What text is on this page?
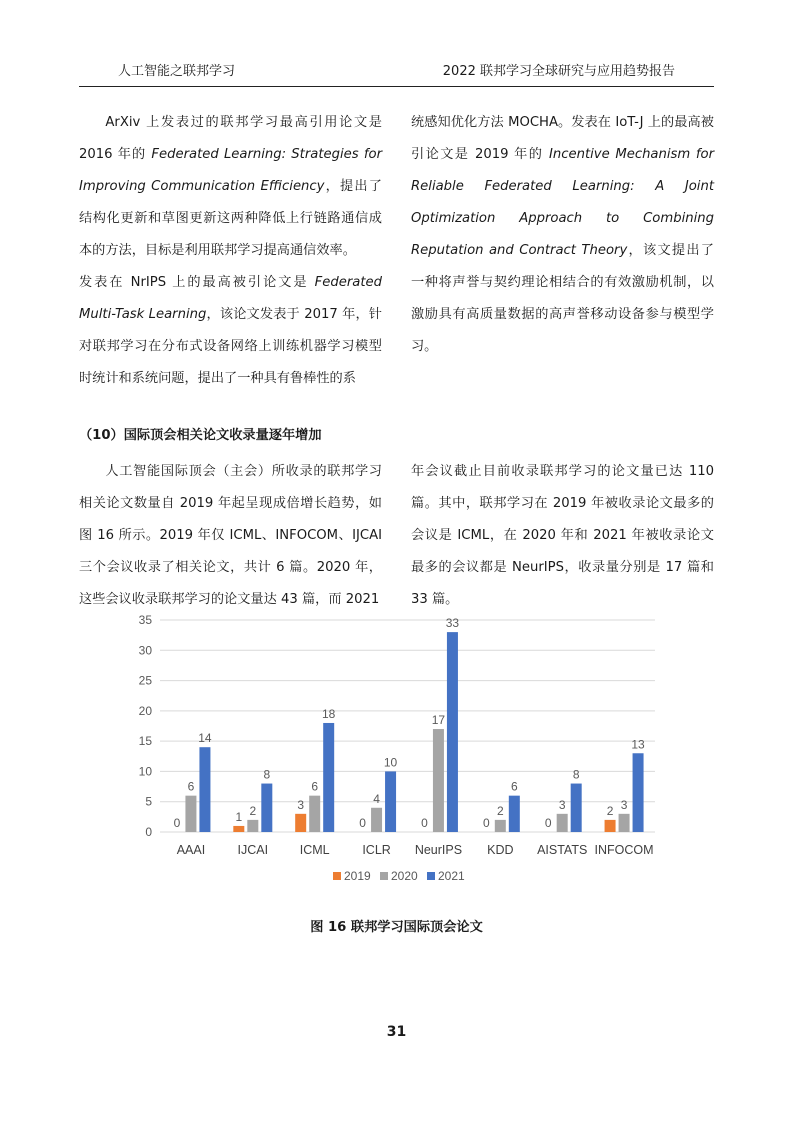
人工智能之联邦学习	2022 联邦学习全球研究与应用趋势报告

ArXiv 上发表过的联邦学习最高引用论文是 2016 年的 Federated Learning: Strategies for Improving Communication Efficiency，提出了结构化更新和草图更新这两种降低上行链路通信成本的方法，目标是利用联邦学习提高通信效率。

发表在 NrIPS 上的最高被引论文是 Federated Multi-Task Learning，该论文发表于 2017 年，针对联邦学习在分布式设备网络上训练机器学习模型时统计和系统问题，提出了一种具有鲁棒性的系

统感知优化方法 MOCHA。发表在 IoT-J 上的最高被引论文是 2019 年的 Incentive Mechanism for Reliable Federated Learning: A Joint Optimization Approach to Combining Reputation and Contract Theory，该文提出了一种将声誉与契约理论相结合的有效激励机制，以激励具有高质量数据的高声誉移动设备参与模型学习。

（10）国际顶会相关论文收录量逐年增加

人工智能国际顶会（主会）所收录的联邦学习相关论文数量自 2019 年起呈现成倍增长趋势，如图 16 所示。2019 年仅 ICML、INFOCOM、IJCAI 三个会议收录了相关论文，共计 6 篇。2020 年，这些会议收录联邦学习的论文量达 43 篇，而 2021

年会议截止目前收录联邦学习的论文量已达 110 篇。其中，联邦学习在 2019 年被收录论文最多的会议是 ICML，在 2020 年和 2021 年被收录论文最多的会议都是 NeurIPS，收录量分别是 17 篇和 33 篇。

0
5
10
15
20
25
30
35
0
6
14
AAAI
1 2
8
IJCAI
3
6
18
ICML
0
4
10
ICLR
0
17
33
NeurIPS
0
2
6
KDD
0
3
8
AISTATS
2 3
13
INFOCOM
2019 2020 2021
图 16 联邦学习国际顶会论文
31
